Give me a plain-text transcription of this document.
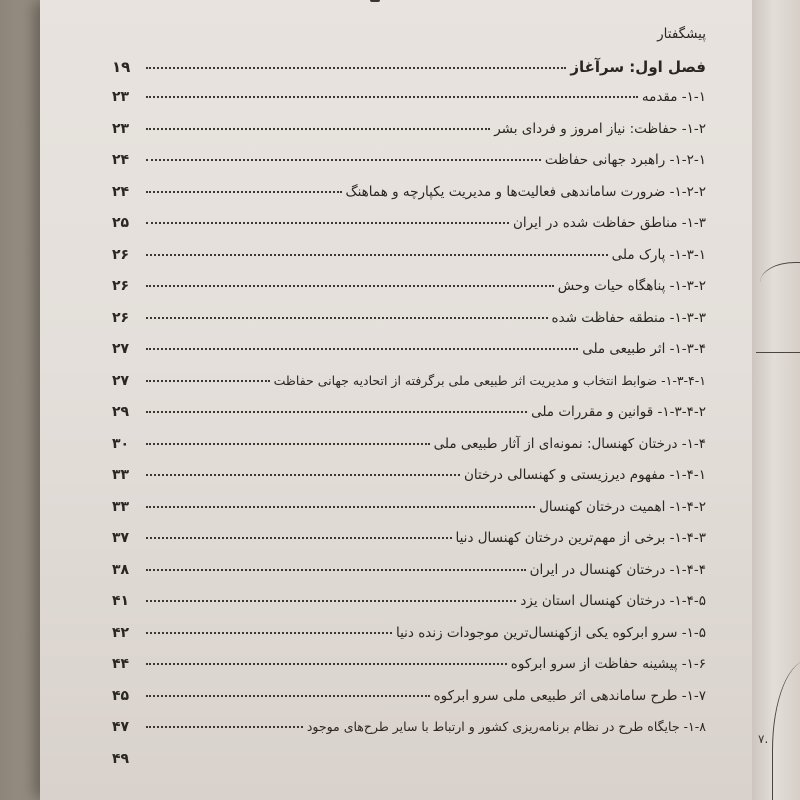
پیشگفتار
فصل اول: سرآغاز
۱۹
۱-۱- مقدمه
۲۳
۱-۲- حفاظت: نیاز امروز و فردای بشر
۲۳
۱-۲-۱- راهبرد جهانی حفاظت
۲۴
۱-۲-۲- ضرورت ساماندهی فعالیت‌ها و مدیریت یکپارچه و هماهنگ
۲۴
۱-۳- مناطق حفاظت شده در ایران
۲۵
۱-۳-۱- پارک ملی
۲۶
۱-۳-۲- پناهگاه حیات وحش
۲۶
۱-۳-۳- منطقه حفاظت شده
۲۶
۱-۳-۴- اثر طبیعی ملی
۲۷
۱-۳-۴-۱- ضوابط انتخاب و مدیریت اثر طبیعی ملی برگرفته از اتحادیه جهانی حفاظت
۲۷
۱-۳-۴-۲- قوانین و مقررات ملی
۲۹
۱-۴- درختان کهنسال: نمونه‌ای از آثار طبیعی ملی
۳۰
۱-۴-۱- مفهوم دیرزیستی و کهنسالی درختان
۳۳
۱-۴-۲- اهمیت درختان کهنسال
۳۳
۱-۴-۳- برخی از مهم‌ترین درختان کهنسال دنیا
۳۷
۱-۴-۴- درختان کهنسال در ایران
۳۸
۱-۴-۵- درختان کهنسال استان یزد
۴۱
۱-۵- سرو ابرکوه یکی ازکهنسال‌ترین موجودات زنده دنیا
۴۲
۱-۶- پیشینه حفاظت از سرو ابرکوه
۴۴
۱-۷- طرح ساماندهی اثر طبیعی ملی سرو ابرکوه
۴۵
۱-۸- جایگاه طرح در نظام برنامه‌ریزی کشور و ارتباط با سایر طرح‌های موجود
۴۷
۴۹
۷.
